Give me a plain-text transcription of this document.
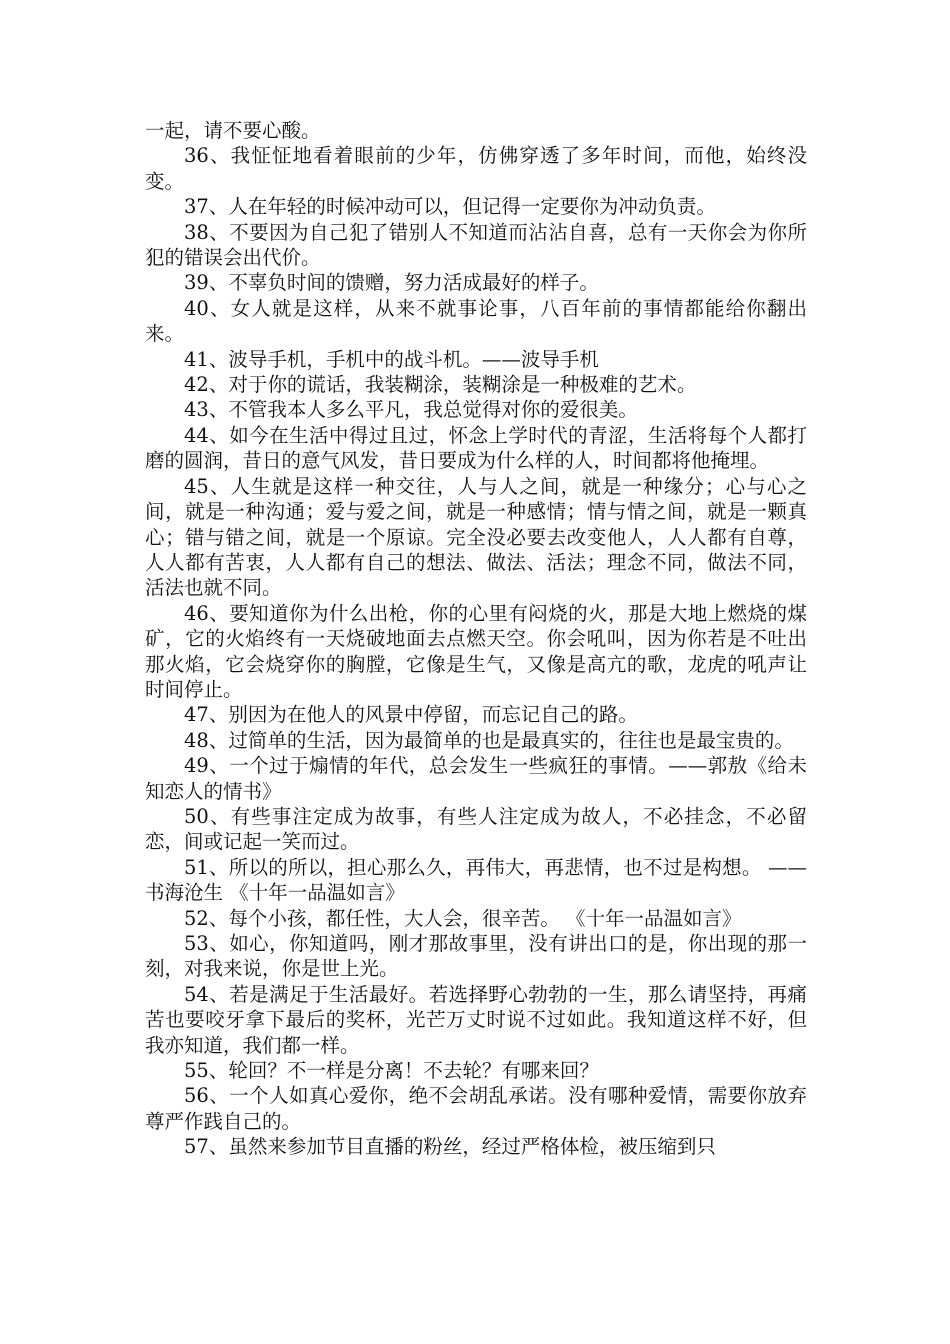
一起，请不要心酸。

36、我怔怔地看着眼前的少年，仿佛穿透了多年时间，而他，始终没变。

37、人在年轻的时候冲动可以，但记得一定要你为冲动负责。

38、不要因为自己犯了错别人不知道而沾沾自喜，总有一天你会为你所犯的错误会出代价。

39、不辜负时间的馈赠，努力活成最好的样子。

40、女人就是这样，从来不就事论事，八百年前的事情都能给你翻出来。

41、波导手机，手机中的战斗机。——波导手机

42、对于你的谎话，我装糊涂，装糊涂是一种极难的艺术。

43、不管我本人多么平凡，我总觉得对你的爱很美。

44、如今在生活中得过且过，怀念上学时代的青涩，生活将每个人都打磨的圆润，昔日的意气风发，昔日要成为什么样的人，时间都将他掩埋。

45、人生就是这样一种交往，人与人之间，就是一种缘分；心与心之间，就是一种沟通；爱与爱之间，就是一种感情；情与情之间，就是一颗真心；错与错之间，就是一个原谅。完全没必要去改变他人，人人都有自尊，人人都有苦衷，人人都有自己的想法、做法、活法；理念不同，做法不同，活法也就不同。

46、要知道你为什么出枪，你的心里有闷烧的火，那是大地上燃烧的煤矿，它的火焰终有一天烧破地面去点燃天空。你会吼叫，因为你若是不吐出那火焰，它会烧穿你的胸膛，它像是生气，又像是高亢的歌，龙虎的吼声让时间停止。

47、别因为在他人的风景中停留，而忘记自己的路。

48、过简单的生活，因为最简单的也是最真实的，往往也是最宝贵的。

49、一个过于煽情的年代，总会发生一些疯狂的事情。——郭敖《给未知恋人的情书》

50、有些事注定成为故事，有些人注定成为故人，不必挂念，不必留恋，间或记起一笑而过。

51、所以的所以，担心那么久，再伟大，再悲情，也不过是构想。 ——书海沧生 《十年一品温如言》

52、每个小孩，都任性，大人会，很辛苦。 《十年一品温如言》

53、如心，你知道吗，刚才那故事里，没有讲出口的是，你出现的那一刻，对我来说，你是世上光。

54、若是满足于生活最好。若选择野心勃勃的一生，那么请坚持，再痛苦也要咬牙拿下最后的奖杯，光芒万丈时说不过如此。我知道这样不好，但我亦知道，我们都一样。

55、轮回？不一样是分离！不去轮？有哪来回？

56、一个人如真心爱你，绝不会胡乱承诺。没有哪种爱情，需要你放弃尊严作践自己的。

57、虽然来参加节目直播的粉丝，经过严格体检，被压缩到只
